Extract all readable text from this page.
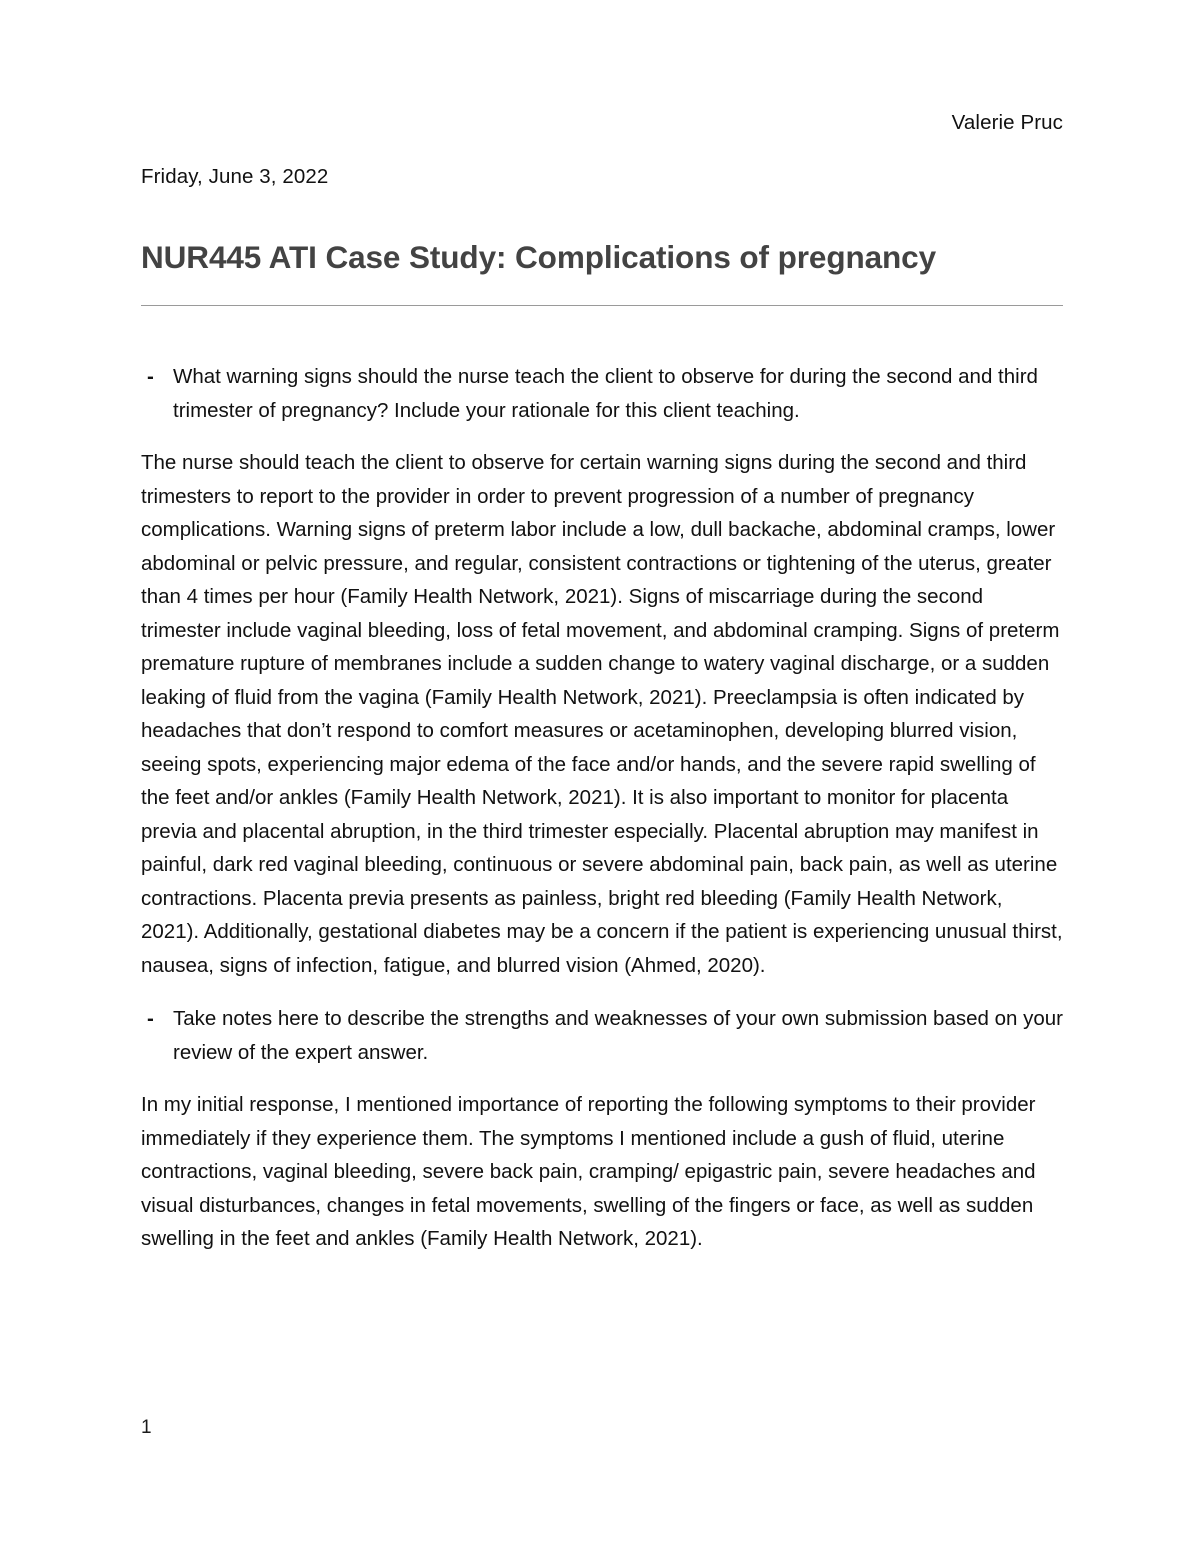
Valerie Pruc
Friday, June 3, 2022
NUR445 ATI Case Study: Complications of pregnancy
- What warning signs should the nurse teach the client to observe for during the second and third trimester of pregnancy? Include your rationale for this client teaching.

The nurse should teach the client to observe for certain warning signs during the second and third trimesters to report to the provider in order to prevent progression of a number of pregnancy complications. Warning signs of preterm labor include a low, dull backache, abdominal cramps, lower abdominal or pelvic pressure, and regular, consistent contractions or tightening of the uterus, greater than 4 times per hour (Family Health Network, 2021). Signs of miscarriage during the second trimester include vaginal bleeding, loss of fetal movement, and abdominal cramping. Signs of preterm premature rupture of membranes include a sudden change to watery vaginal discharge, or a sudden leaking of fluid from the vagina (Family Health Network, 2021). Preeclampsia is often indicated by headaches that don’t respond to comfort measures or acetaminophen, developing blurred vision, seeing spots, experiencing major edema of the face and/or hands, and the severe rapid swelling of the feet and/or ankles (Family Health Network, 2021). It is also important to monitor for placenta previa and placental abruption, in the third trimester especially. Placental abruption may manifest in painful, dark red vaginal bleeding, continuous or severe abdominal pain, back pain, as well as uterine contractions. Placenta previa presents as painless, bright red bleeding (Family Health Network, 2021). Additionally, gestational diabetes may be a concern if the patient is experiencing unusual thirst, nausea, signs of infection, fatigue, and blurred vision (Ahmed, 2020).

- Take notes here to describe the strengths and weaknesses of your own submission based on your review of the expert answer.

In my initial response, I mentioned importance of reporting the following symptoms to their provider immediately if they experience them. The symptoms I mentioned include a gush of fluid, uterine contractions, vaginal bleeding, severe back pain, cramping/ epigastric pain, severe headaches and visual disturbances, changes in fetal movements, swelling of the fingers or face, as well as sudden swelling in the feet and ankles (Family Health Network, 2021).

1
